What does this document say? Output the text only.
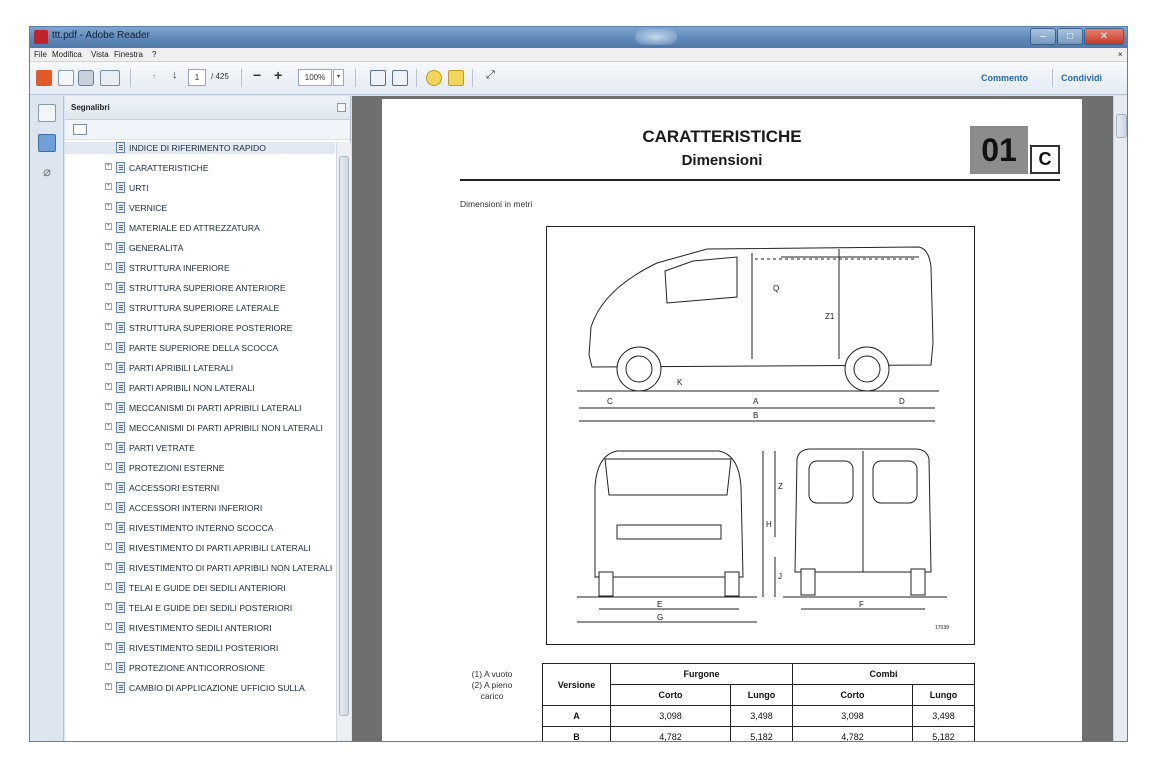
ttt.pdf - Adobe Reader	–	□	✕
File Modifica Vista Finestra ?	×
↑ ↓	1	/ 425 − +	100%	▾	⤢	Commento	Condividi
⌀
Segnalibri
INDICE DI RIFERIMENTO RAPIDO
+ CARATTERISTICHE
+ URTI
+ VERNICE
+ MATERIALE ED ATTREZZATURA
+ GENERALITÀ
+ STRUTTURA INFERIORE
+ STRUTTURA SUPERIORE ANTERIORE
+ STRUTTURA SUPERIORE LATERALE
+ STRUTTURA SUPERIORE POSTERIORE
+ PARTE SUPERIORE DELLA SCOCCA
+ PARTI APRIBILI LATERALI
+ PARTI APRIBILI NON LATERALI
+ MECCANISMI DI PARTI APRIBILI LATERALI
+ MECCANISMI DI PARTI APRIBILI NON LATERALI
+ PARTI VETRATE
+ PROTEZIONI ESTERNE
+ ACCESSORI ESTERNI
+ ACCESSORI INTERNI INFERIORI
+ RIVESTIMENTO INTERNO SCOCCA
+ RIVESTIMENTO DI PARTI APRIBILI LATERALI
+ RIVESTIMENTO DI PARTI APRIBILI NON LATERALI
+ TELAI E GUIDE DEI SEDILI ANTERIORI
+ TELAI E GUIDE DEI SEDILI POSTERIORI
+ RIVESTIMENTO SEDILI ANTERIORI
+ RIVESTIMENTO SEDILI POSTERIORI
+ PROTEZIONE ANTICORROSIONE
+ CAMBIO DI APPLICAZIONE UFFICIO SULLA
CARATTERISTICHE
Dimensioni	01	C
Dimensioni in metri
Q
Z1
K
C	A	D
B
E
G
F
H
Z
J
17039
(1) A vuoto
(2) A pieno carico
Versione	Furgone		Combi	
	Corto	Lungo	Corto	Lungo
A	3,098	3,498	3,098	3,498
B	4,782	5,182	4,782	5,182
